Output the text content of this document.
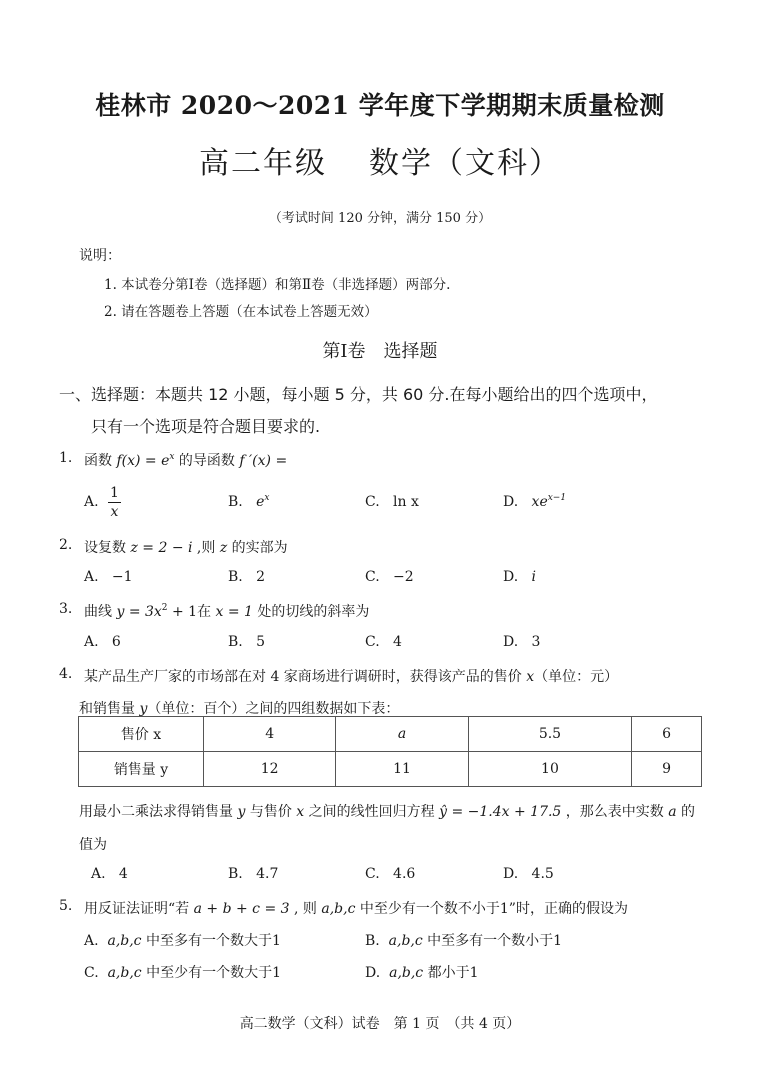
桂林市 2020～2021 学年度下学期期末质量检测
高二年级 数学（文科）
（考试时间 120 分钟，满分 150 分）
说明：
1. 本试卷分第Ⅰ卷（选择题）和第Ⅱ卷（非选择题）两部分.
2. 请在答题卷上答题（在本试卷上答题无效）
第Ⅰ卷　选择题
一、选择题：本题共 12 小题，每小题 5 分，共 60 分.在每小题给出的四个选项中，
只有一个选项是符合题目要求的.
1. 函数 $f(x) = e^x$ 的导函数 f ′(x) =
A. $\frac{1}{x}$	B. $e^x$	C. ln x	D. $xe^{x-1}$
2. 设复数 z = 2 − i ,则 z 的实部为
A. −1	B. 2	C. −2	D. i
3. 曲线 $y = 3x^2 + 1$在 x = 1 处的切线的斜率为
A. 6	B. 5	C. 4	D. 3
4. 某产品生产厂家的市场部在对 4 家商场进行调研时，获得该产品的售价 x（单位：元）
和销售量 y（单位：百个）之间的四组数据如下表：
售价 x	4	a	5.5	6
销售量 y	12	11	10	9
用最小二乘法求得销售量 y 与售价 x 之间的线性回归方程 ŷ = −1.4x + 17.5 ，那么表中实数 a 的
值为
A. 4	B. 4.7	C. 4.6	D. 4.5
5. 用反证法证明“若 a + b + c = 3 , 则 a,b,c 中至少有一个数不小于1”时，正确的假设为
A. a,b,c 中至多有一个数大于1	B. a,b,c 中至多有一个数小于1
C. a,b,c 中至少有一个数大于1	D. a,b,c 都小于1
高二数学（文科）试卷　第 1 页　（共 4 页）
